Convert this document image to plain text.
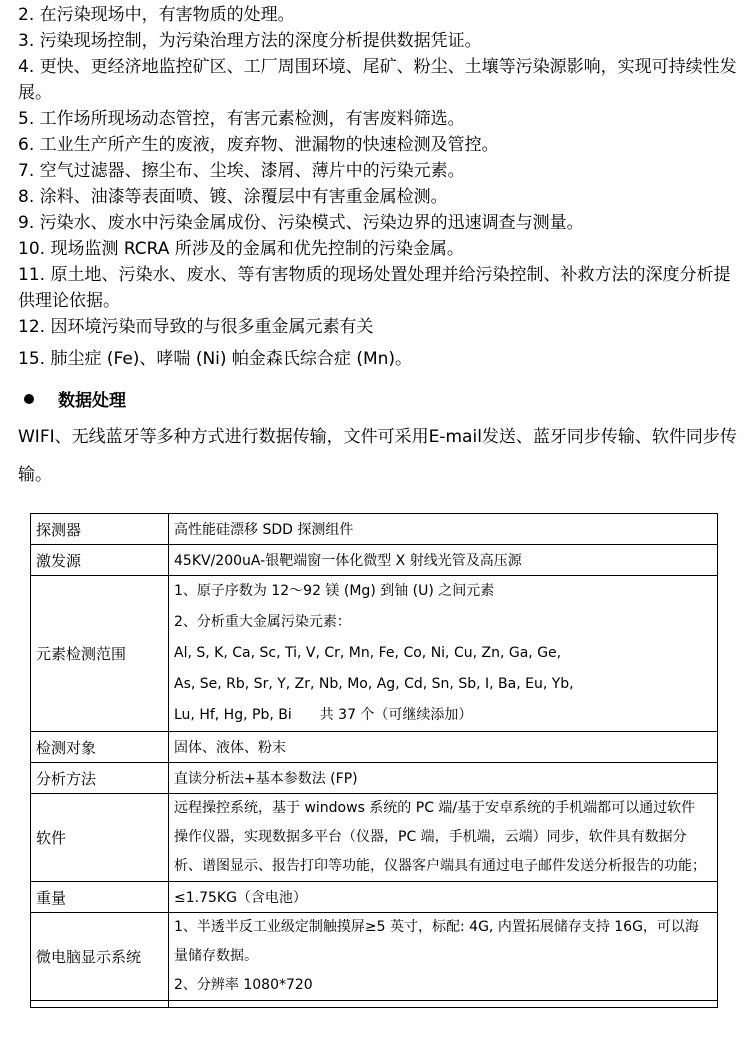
2. 在污染现场中，有害物质的处理。
3. 污染现场控制，为污染治理方法的深度分析提供数据凭证。
4. 更快、更经济地监控矿区、工厂周围环境、尾矿、粉尘、土壤等污染源影响，实现可持续性发展。
5. 工作场所现场动态管控，有害元素检测，有害废料筛选。
6. 工业生产所产生的废液，废弃物、泄漏物的快速检测及管控。
7. 空气过滤器、擦尘布、尘埃、漆屑、薄片中的污染元素。
8. 涂料、油漆等表面喷、镀、涂覆层中有害重金属检测。
9. 污染水、废水中污染金属成份、污染模式、污染边界的迅速调查与测量。
10. 现场监测 RCRA 所涉及的金属和优先控制的污染金属。
11. 原土地、污染水、废水、等有害物质的现场处置处理并给污染控制、补救方法的深度分析提供理论依据。
12. 因环境污染而导致的与很多重金属元素有关
15. 肺尘症 (Fe)、哮喘 (Ni) 帕金森氏综合症 (Mn)。
数据处理
WIFI、无线蓝牙等多种方式进行数据传输，文件可采用E-mail发送、蓝牙同步传输、软件同步传输。
探测器	高性能硅漂移 SDD 探测组件
激发源	45KV/200uA-银靶端窗一体化微型 X 射线光管及高压源
元素检测范围	1、原子序数为 12～92 镁 (Mg) 到铀 (U) 之间元素
2、分析重大金属污染元素：
Al, S, K, Ca, Sc, Ti, V, Cr, Mn, Fe, Co, Ni, Cu, Zn, Ga, Ge,
As, Se, Rb, Sr, Y, Zr, Nb, Mo, Ag, Cd, Sn, Sb, I, Ba, Eu, Yb,
Lu, Hf, Hg, Pb, Bi　　共 37 个（可继续添加）

检测对象	固体、液体、粉末
分析方法	直读分析法+基本参数法 (FP)
软件	远程操控系统，基于 windows 系统的 PC 端/基于安卓系统的手机端都可以通过软件　操作仪器，实现数据多平台（仪器，PC 端，手机端，云端）同步，软件具有数据分析、谱图显示、报告打印等功能，仪器客户端具有通过电子邮件发送分析报告的功能；
重量	≤1.75KG（含电池）
微电脑显示系统	1、半透半反工业级定制触摸屏≥5 英寸，标配: 4G, 内置拓展储存支持 16G，可以海量储存数据。
2、分辨率 1080*720
